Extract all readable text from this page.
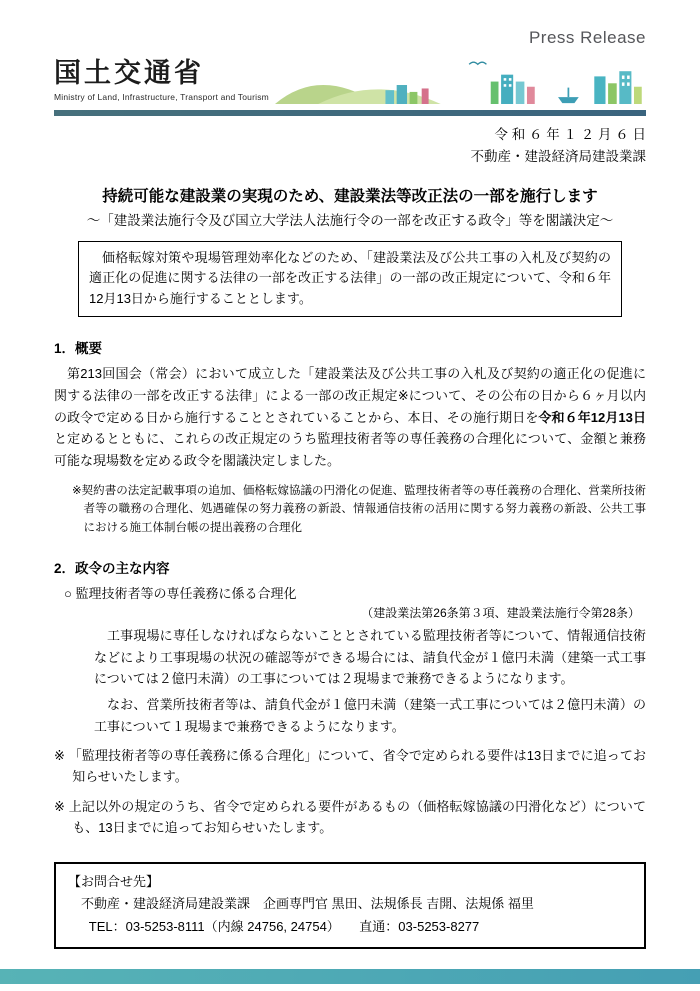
Press Release
国土交通省
Ministry of Land, Infrastructure, Transport and Tourism
令 和 ６ 年 １ ２ 月 ６ 日
不動産・建設経済局建設業課
持続可能な建設業の実現のため、建設業法等改正法の一部を施行します
～「建設業法施行令及び国立大学法人法施行令の一部を改正する政令」等を閣議決定～

価格転嫁対策や現場管理効率化などのため、「建設業法及び公共工事の入札及び契約の適正化の促進に関する法律の一部を改正する法律」の一部の改正規定について、令和６年12月13日から施行することとします。

1．概要

第213回国会（常会）において成立した「建設業法及び公共工事の入札及び契約の適正化の促進に関する法律の一部を改正する法律」による一部の改正規定※について、その公布の日から６ヶ月以内の政令で定める日から施行することとされていることから、本日、その施行期日を令和６年12月13日と定めるとともに、これらの改正規定のうち監理技術者等の専任義務の合理化について、金額と兼務可能な現場数を定める政令を閣議決定しました。

※契約書の法定記載事項の追加、価格転嫁協議の円滑化の促進、監理技術者等の専任義務の合理化、営業所技術者等の職務の合理化、処遇確保の努力義務の新設、情報通信技術の活用に関する努力義務の新設、公共工事における施工体制台帳の提出義務の合理化
2．政令の主な内容
○ 監理技術者等の専任義務に係る合理化
（建設業法第26条第３項、建設業法施行令第28条）

工事現場に専任しなければならないこととされている監理技術者等について、情報通信技術などにより工事現場の状況の確認等ができる場合には、請負代金が１億円未満（建築一式工事については２億円未満）の工事については２現場まで兼務できるようになります。

なお、営業所技術者等は、請負代金が１億円未満（建築一式工事については２億円未満）の工事について１現場まで兼務できるようになります。

※ 「監理技術者等の専任義務に係る合理化」について、省令で定められる要件は13日までに追ってお知らせいたします。
※ 上記以外の規定のうち、省令で定められる要件があるもの（価格転嫁協議の円滑化など）についても、13日までに追ってお知らせいたします。
【お問合せ先】
不動産・建設経済局建設業課　企画専門官 黒田、法規係長 吉開、法規係 福里
TEL：03-5253-8111（内線 24756, 24754）　　直通：03-5253-8277
